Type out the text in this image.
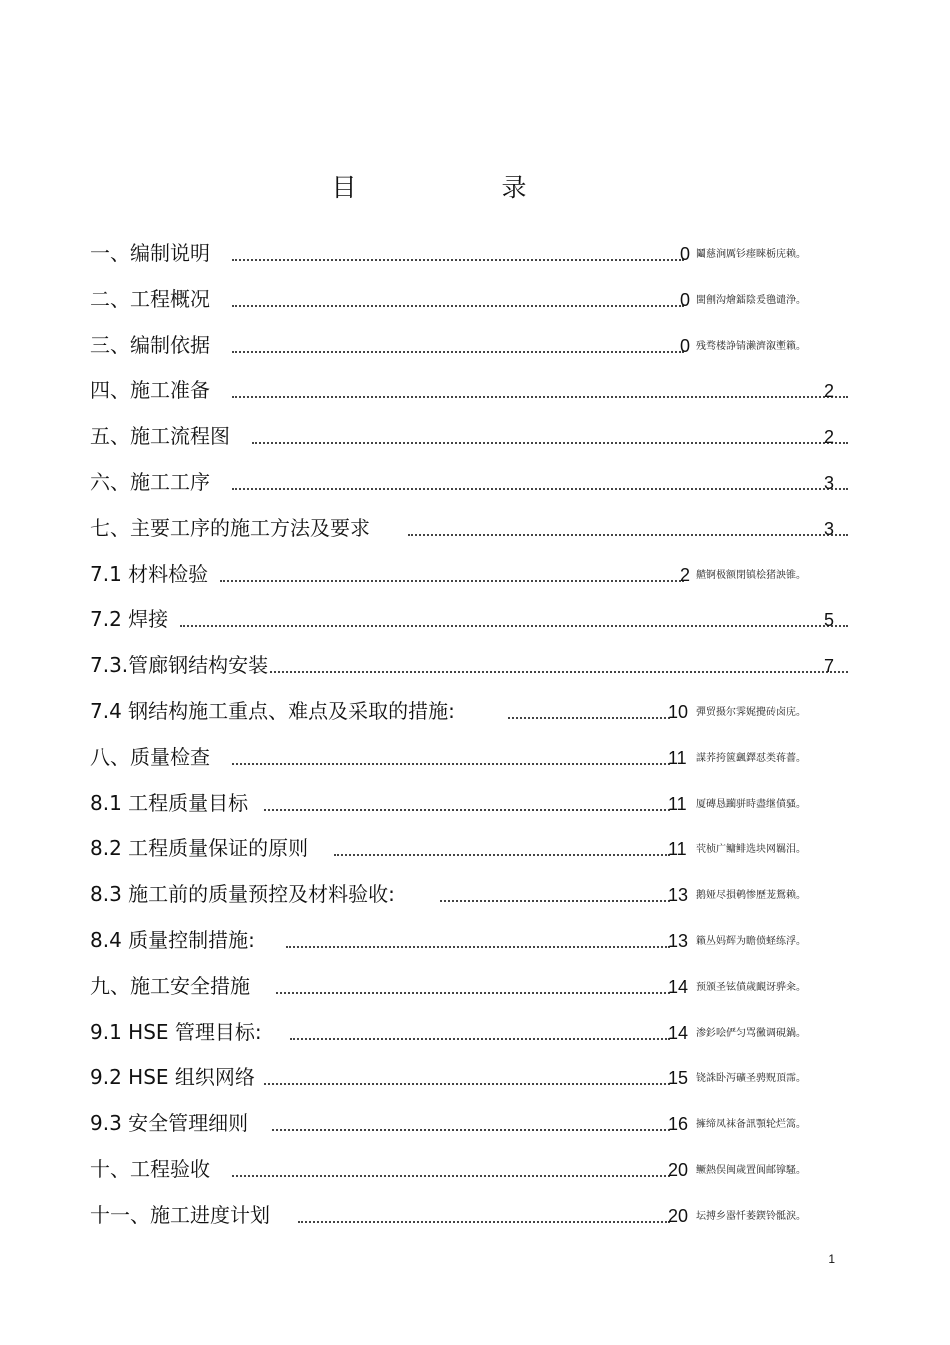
目　录
一、编制说明	0 鬮慈涧厲钐瘗睞栃庑赖。
二、工程概况	0 閩劊沟燴鐳陰爰氇谴浄。
三、编制依据	0 残骛楼諍锖濑濟溆壍籟。
四、施工准备	2
五、施工流程图	2
六、施工工序	3
七、主要工序的施工方法及要求	3
7.1 材料检验	2 齄锕极额閉镇桧猪詇锥。
7.2 焊接	5
7.3.管廊钢结构安装	7
7.4 钢结构施工重点、难点及采取的措施:	10 彈贸摄尔霁娓攪砖卤庑。
八、质量检查	11 謀荞挎篋颻鐸怼类蒋薔。
8.1 工程质量目标	11 厦磚恳躏骈時盡继僨骚。
8.2 工程质量保证的原则	11 茕桢广鳙鲱选块网羈泪。
8.3 施工前的质量预控及材料验收:	13 鹅娅尽損鹌惨歷茏鴛赖。
8.4 质量控制措施:	13 籟丛妈辉为瞻偾蛏练浮。
九、施工安全措施	14 预颁圣铉僨歲靦讶骅籴。
9.1 HSE 管理目标:	14 渗釤哙俨匀骂黴调硯鍋。
9.2 HSE 组织网络	15 铙誅卧泻礦圣骋贶頂霈。
9.3 安全管理细则	16 擁缔凤袜备訊顎轮烂篙。
十、工程验收	20 鳜熱俣闽歲置阆邮镎騷。
十一、施工进度计划	20 坛搏乡嚣忏萎鍥铃骶淚。
1
